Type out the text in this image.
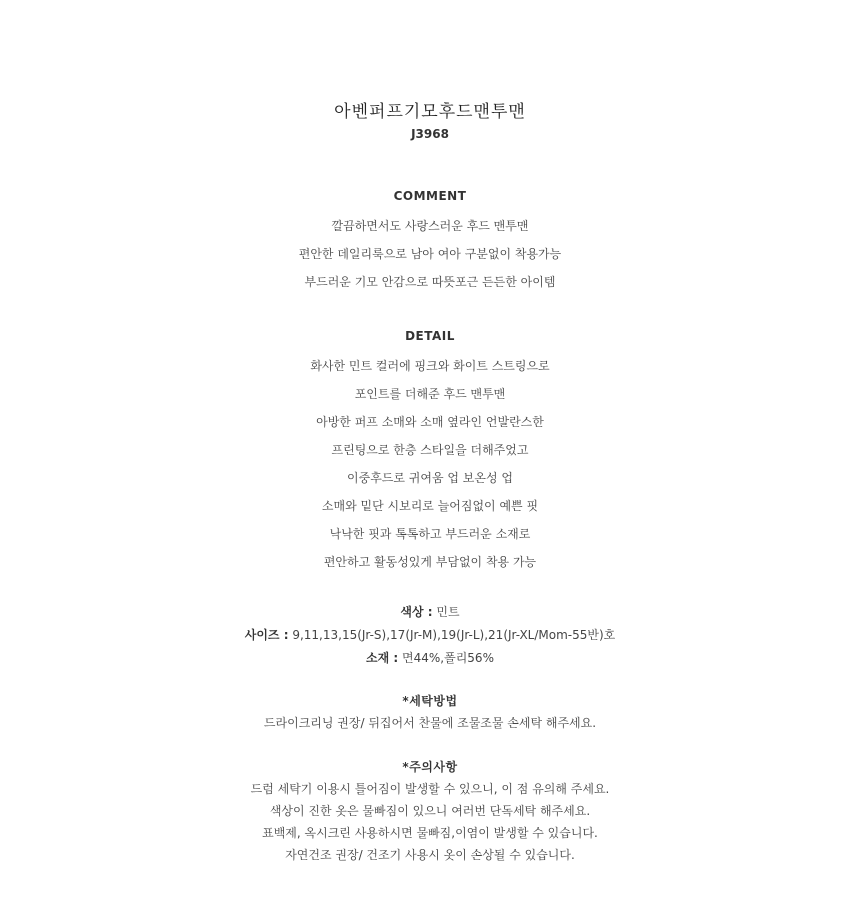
아벤퍼프기모후드맨투맨
J3968
COMMENT
깔끔하면서도 사랑스러운 후드 맨투맨
편안한 데일리룩으로 남아 여아 구분없이 착용가능
부드러운 기모 안감으로 따뜻포근 든든한 아이템
DETAIL
화사한 민트 컬러에 핑크와 화이트 스트링으로
포인트를 더해준 후드 맨투맨
아방한 퍼프 소매와 소매 옆라인 언발란스한
프린팅으로 한층 스타일을 더해주었고
이중후드로 귀여움 업 보온성 업
소매와 밑단 시보리로 늘어짐없이 예쁜 핏
낙낙한 핏과 톡톡하고 부드러운 소재로
편안하고 활동성있게 부담없이 착용 가능
색상 : 민트
사이즈 : 9,11,13,15(Jr-S),17(Jr-M),19(Jr-L),21(Jr-XL/Mom-55반)호
소재 : 면44%,폴리56%
*세탁방법
드라이크리닝 권장/ 뒤집어서 찬물에 조물조물 손세탁 해주세요.
*주의사항
드럼 세탁기 이용시 틀어짐이 발생할 수 있으니, 이 점 유의해 주세요.
색상이 진한 옷은 물빠짐이 있으니 여러번 단독세탁 해주세요.
표백제, 옥시크린 사용하시면 물빠짐,이염이 발생할 수 있습니다.
자연건조 권장/ 건조기 사용시 옷이 손상될 수 있습니다.
